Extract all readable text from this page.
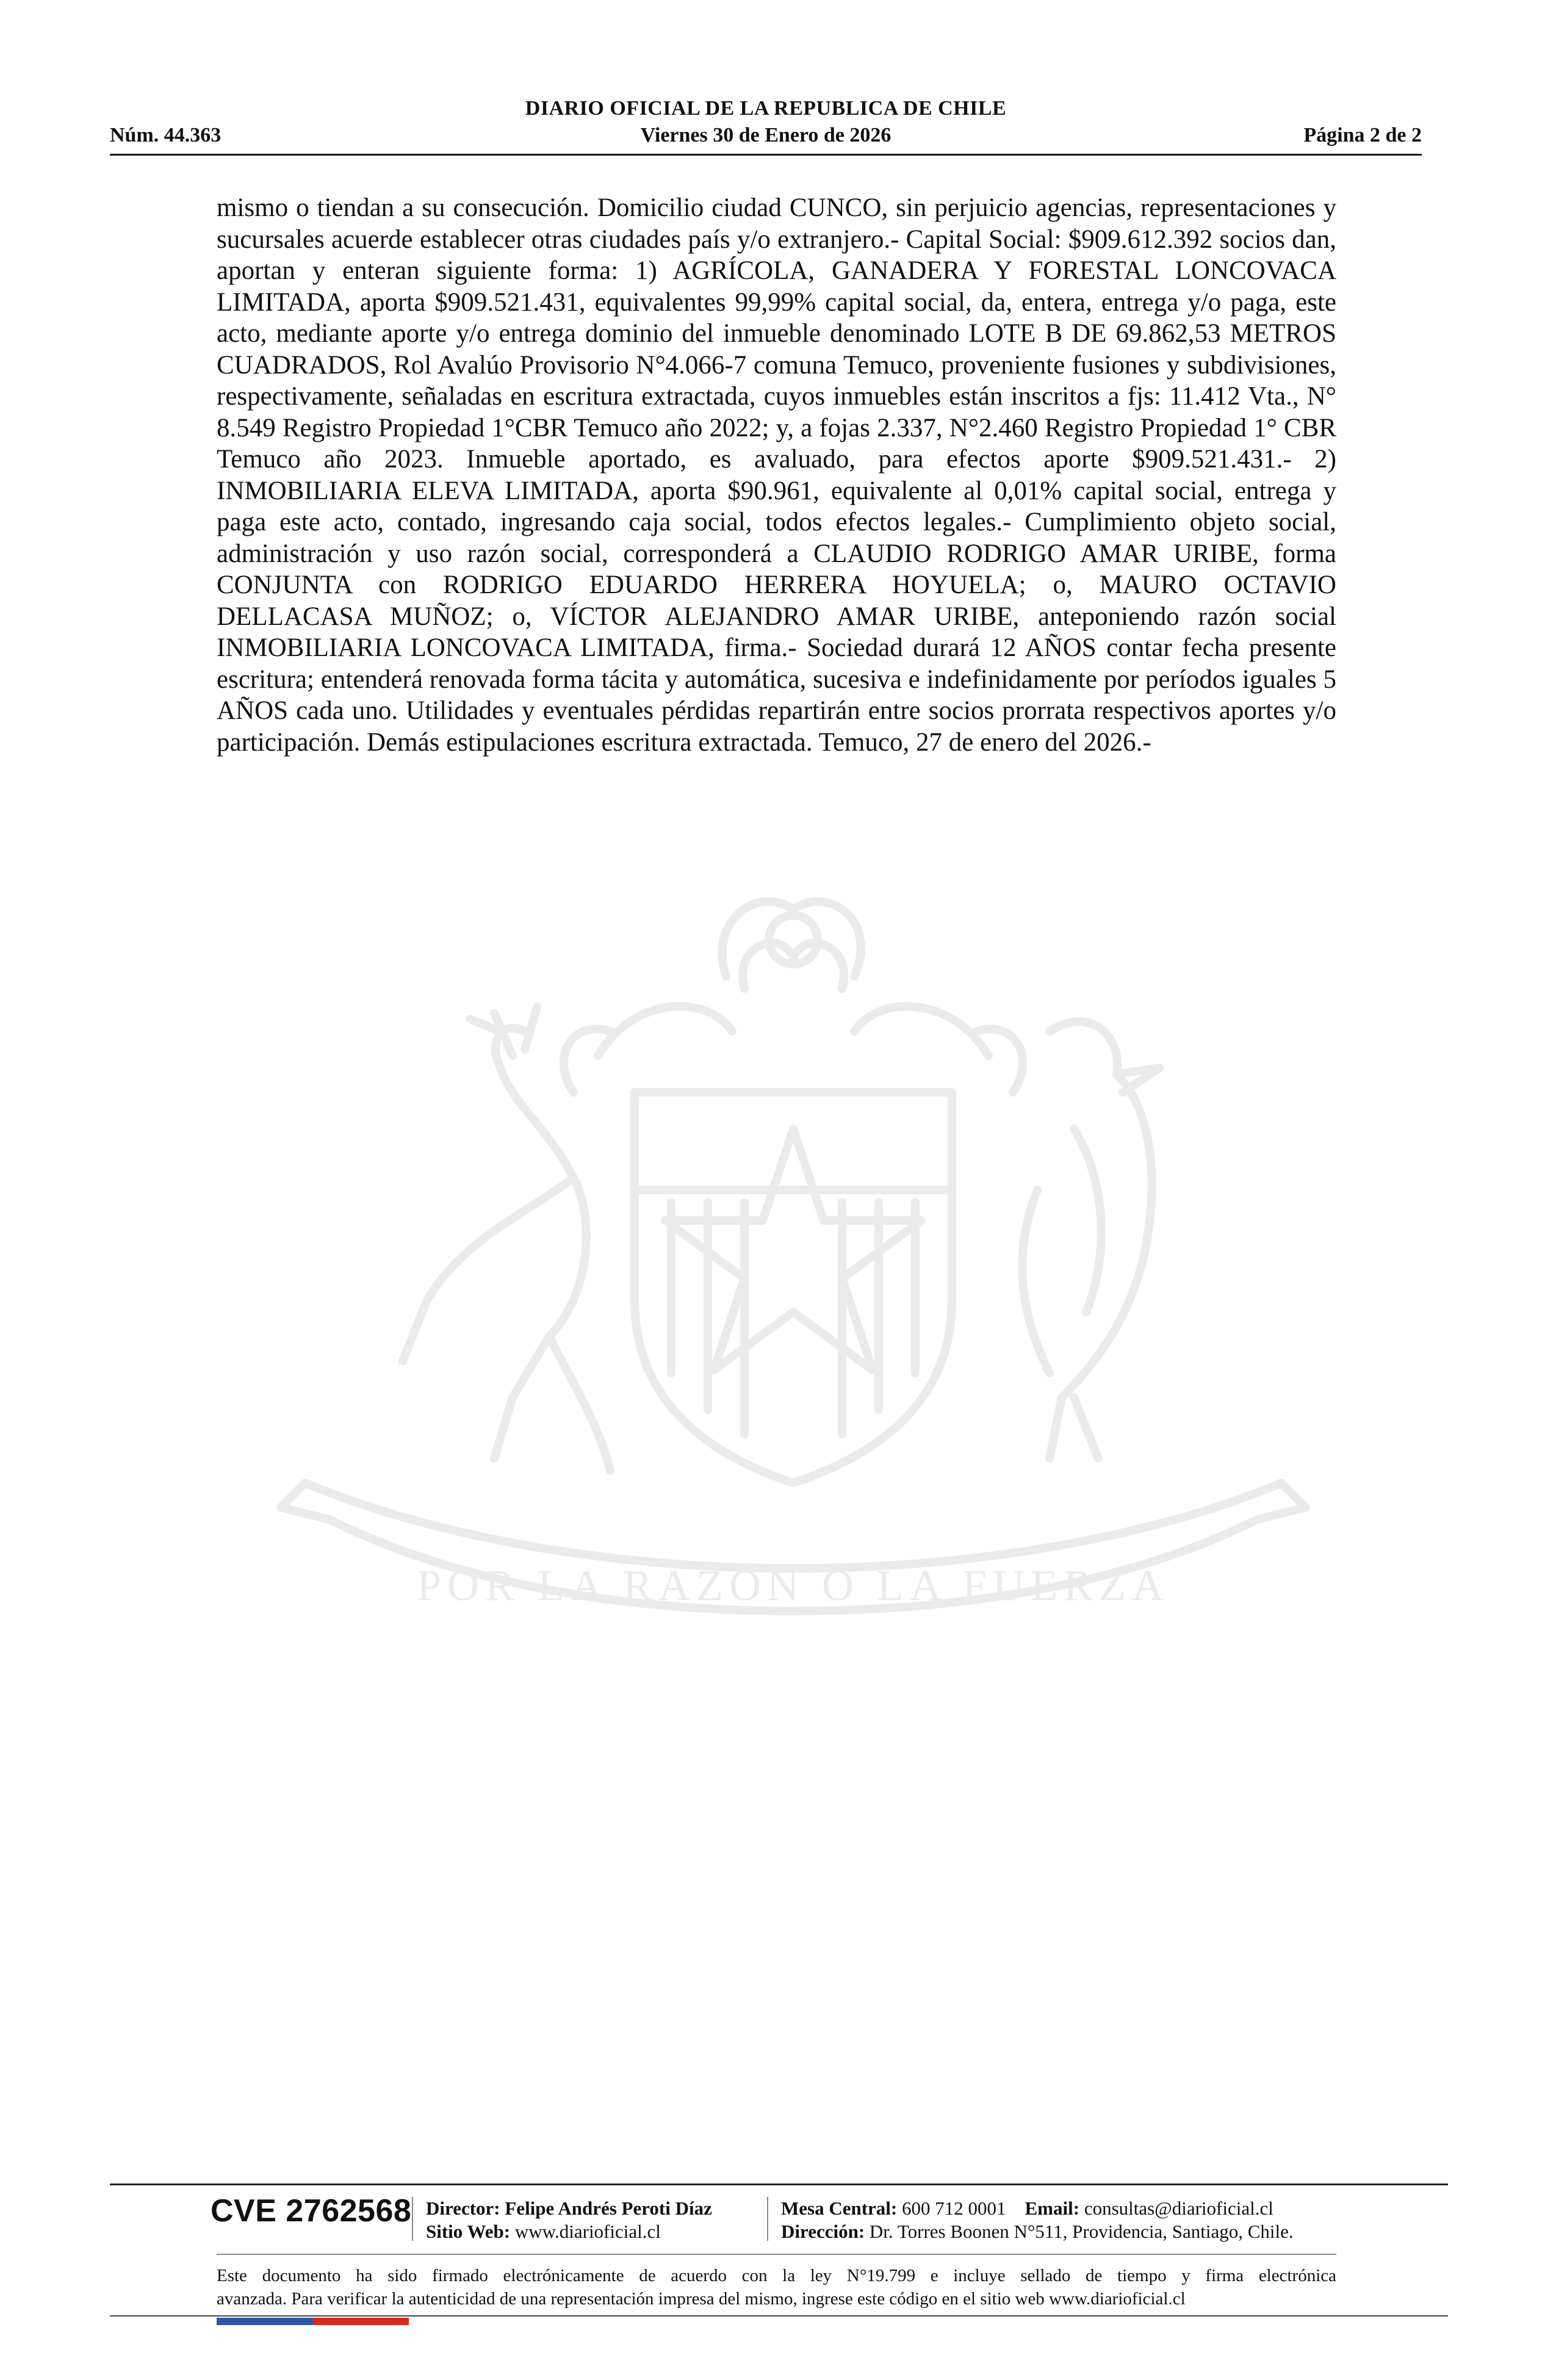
DIARIO OFICIAL DE LA REPUBLICA DE CHILE
Núm. 44.363	Viernes 30 de Enero de 2026	Página 2 de 2
POR LA RAZON O LA FUERZA

mismo o tiendan a su consecución. Domicilio ciudad CUNCO, sin perjuicio agencias, representaciones y sucursales acuerde establecer otras ciudades país y/o extranjero.- Capital Social: $909.612.392 socios dan, aportan y enteran siguiente forma: 1) AGRÍCOLA, GANADERA Y FORESTAL LONCOVACA LIMITADA, aporta $909.521.431, equivalentes 99,99% capital social, da, entera, entrega y/o paga, este acto, mediante aporte y/o entrega dominio del inmueble denominado LOTE B DE 69.862,53 METROS CUADRADOS, Rol Avalúo Provisorio N°4.066-7 comuna Temuco, proveniente fusiones y subdivisiones, respectivamente, señaladas en escritura extractada, cuyos inmuebles están inscritos a fjs: 11.412 Vta., N° 8.549 Registro Propiedad 1°CBR Temuco año 2022; y, a fojas 2.337, N°2.460 Registro Propiedad 1° CBR Temuco año 2023. Inmueble aportado, es avaluado, para efectos aporte $909.521.431.- 2) INMOBILIARIA ELEVA LIMITADA, aporta $90.961, equivalente al 0,01% capital social, entrega y paga este acto, contado, ingresando caja social, todos efectos legales.- Cumplimiento objeto social, administración y uso razón social, corresponderá a CLAUDIO RODRIGO AMAR URIBE, forma CONJUNTA con RODRIGO EDUARDO HERRERA HOYUELA; o, MAURO OCTAVIO DELLACASA MUÑOZ; o, VÍCTOR ALEJANDRO AMAR URIBE, anteponiendo razón social INMOBILIARIA LONCOVACA LIMITADA, firma.- Sociedad durará 12 AÑOS contar fecha presente escritura; entenderá renovada forma tácita y automática, sucesiva e indefinidamente por períodos iguales 5 AÑOS cada uno. Utilidades y eventuales pérdidas repartirán entre socios prorrata respectivos aportes y/o participación. Demás estipulaciones escritura extractada. Temuco, 27 de enero del 2026.-

CVE 2762568 Director: Felipe Andrés Peroti Díaz
Sitio Web: www.diarioficial.cl
Mesa Central: 600 712 0001 Email: consultas@diarioficial.cl
Dirección: Dr. Torres Boonen N°511, Providencia, Santiago, Chile.
Este documento ha sido firmado electrónicamente de acuerdo con la ley N°19.799 e incluye sellado de tiempo y firma electrónica
avanzada. Para verificar la autenticidad de una representación impresa del mismo, ingrese este código en el sitio web www.diarioficial.cl
